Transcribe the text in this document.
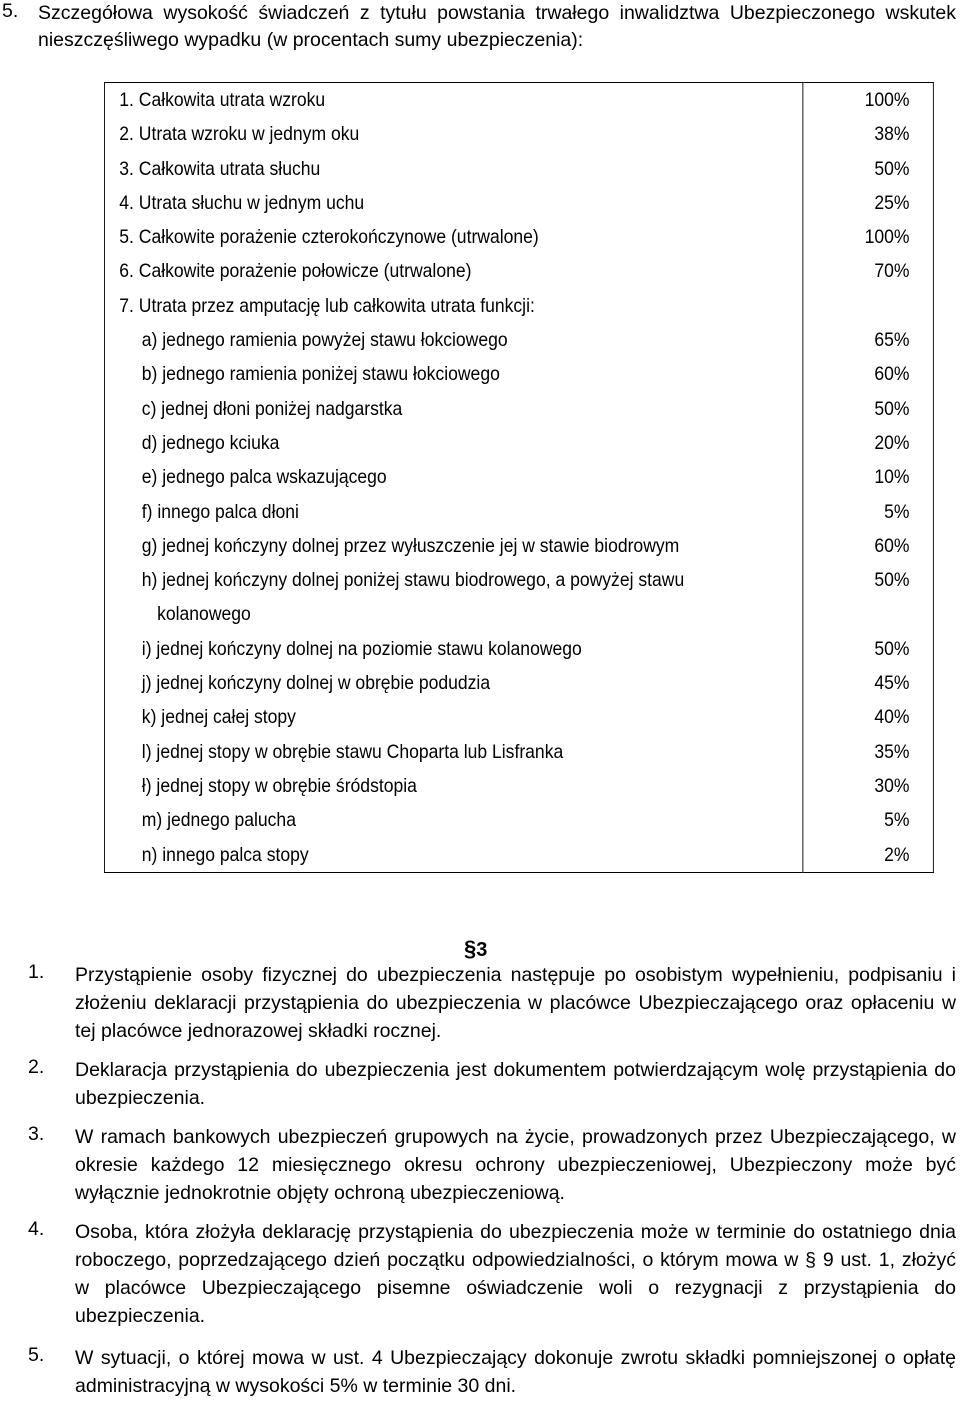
5. Szczegółowa wysokość świadczeń z tytułu powstania trwałego inwalidztwa Ubezpieczonego wskutek nieszczęśliwego wypadku (w procentach sumy ubezpieczenia):
1. Całkowita utrata wzroku	100%
2. Utrata wzroku w jednym oku	38%
3. Całkowita utrata słuchu	50%
4. Utrata słuchu w jednym uchu	25%
5. Całkowite porażenie czterokończynowe (utrwalone)	100%
6. Całkowite porażenie połowicze (utrwalone)	70%
7. Utrata przez amputację lub całkowita utrata funkcji:	
a) jednego ramienia powyżej stawu łokciowego	65%
b) jednego ramienia poniżej stawu łokciowego	60%
c) jednej dłoni poniżej nadgarstka	50%
d) jednego kciuka	20%
e) jednego palca wskazującego	10%
f) innego palca dłoni	5%
g) jednej kończyny dolnej przez wyłuszczenie jej w stawie biodrowym	60%
h) jednej kończyny dolnej poniżej stawu biodrowego, a powyżej stawu
kolanowego	50%
i) jednej kończyny dolnej na poziomie stawu kolanowego	50%
j) jednej kończyny dolnej w obrębie podudzia	45%
k) jednej całej stopy	40%
l) jednej stopy w obrębie stawu Choparta lub Lisfranka	35%
ł) jednej stopy w obrębie śródstopia	30%
m) jednego palucha	5%
n) innego palca stopy	2%
§3
1. Przystąpienie osoby fizycznej do ubezpieczenia następuje po osobistym wypełnieniu, podpisaniu i złożeniu deklaracji przystąpienia do ubezpieczenia w placówce Ubezpieczającego oraz opłaceniu w tej placówce jednorazowej składki rocznej.
2. Deklaracja przystąpienia do ubezpieczenia jest dokumentem potwierdzającym wolę przystąpienia do ubezpieczenia.
3. W ramach bankowych ubezpieczeń grupowych na życie, prowadzonych przez Ubezpieczającego, w okresie każdego 12 miesięcznego okresu ochrony ubezpieczeniowej, Ubezpieczony może być wyłącznie jednokrotnie objęty ochroną ubezpieczeniową.
4. Osoba, która złożyła deklarację przystąpienia do ubezpieczenia może w terminie do ostatniego dnia roboczego, poprzedzającego dzień początku odpowiedzialności, o którym mowa w § 9 ust. 1, złożyć w placówce Ubezpieczającego pisemne oświadczenie woli o rezygnacji z przystąpienia do ubezpieczenia.
5. W sytuacji, o której mowa w ust. 4 Ubezpieczający dokonuje zwrotu składki pomniejszonej o opłatę administracyjną w wysokości 5% w terminie 30 dni.
